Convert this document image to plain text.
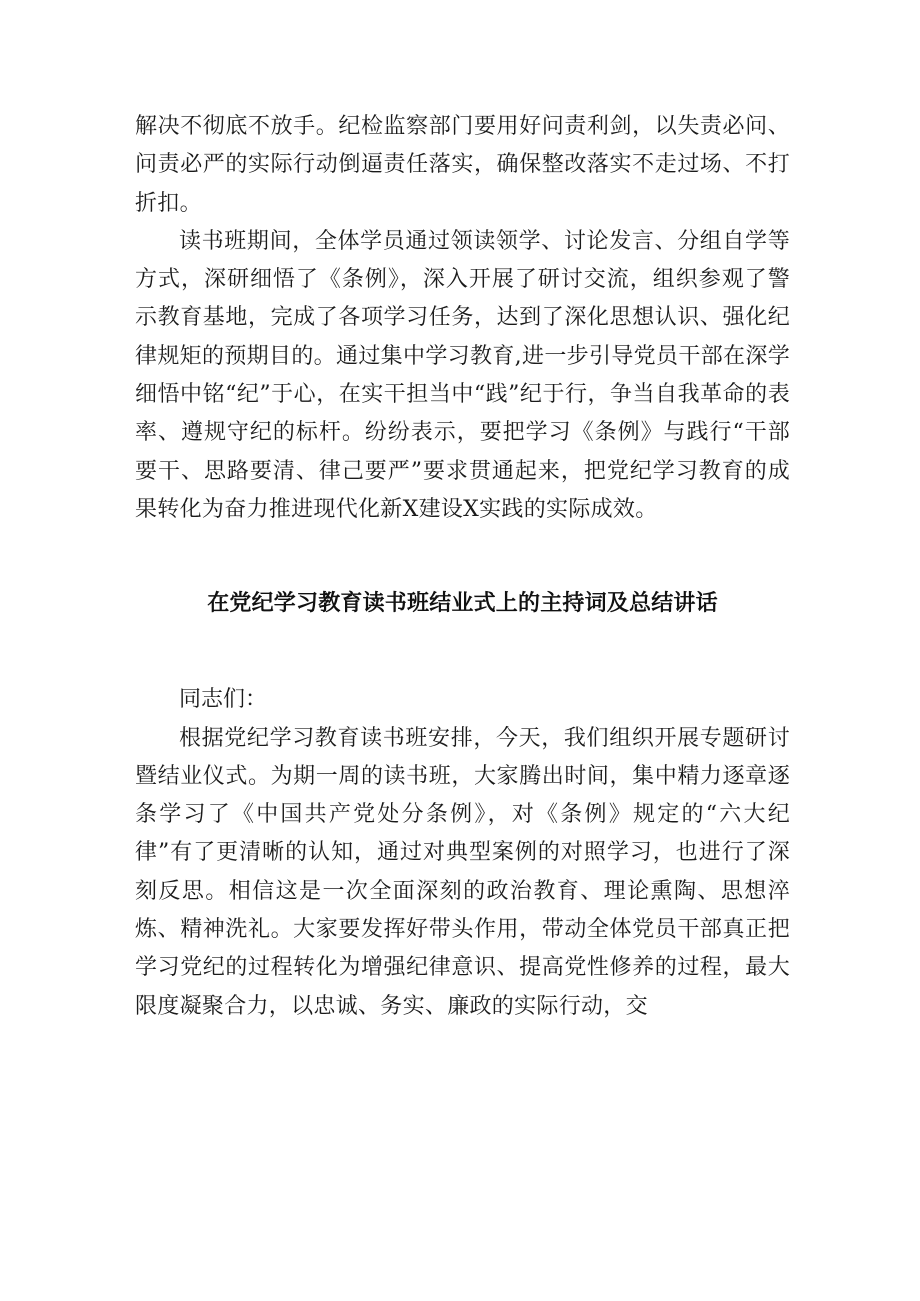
解决不彻底不放手。纪检监察部门要用好问责利剑，以失责必问、问责必严的实际行动倒逼责任落实，确保整改落实不走过场、不打折扣。

读书班期间，全体学员通过领读领学、讨论发言、分组自学等方式，深研细悟了《条例》，深入开展了研讨交流，组织参观了警示教育基地，完成了各项学习任务，达到了深化思想认识、强化纪律规矩的预期目的。通过集中学习教育,进一步引导党员干部在深学细悟中铭“纪”于心，在实干担当中“践”纪于行，争当自我革命的表率、遵规守纪的标杆。纷纷表示，要把学习《条例》与践行“干部要干、思路要清、律己要严”要求贯通起来，把党纪学习教育的成果转化为奋力推进现代化新X建设X实践的实际成效。

在党纪学习教育读书班结业式上的主持词及总结讲话

同志们：

根据党纪学习教育读书班安排，今天，我们组织开展专题研讨暨结业仪式。为期一周的读书班，大家腾出时间，集中精力逐章逐条学习了《中国共产党处分条例》，对《条例》规定的“六大纪律”有了更清晰的认知，通过对典型案例的对照学习，也进行了深刻反思。相信这是一次全面深刻的政治教育、理论熏陶、思想淬炼、精神洗礼。大家要发挥好带头作用，带动全体党员干部真正把学习党纪的过程转化为增强纪律意识、提高党性修养的过程，最大限度凝聚合力，以忠诚、务实、廉政的实际行动，交
